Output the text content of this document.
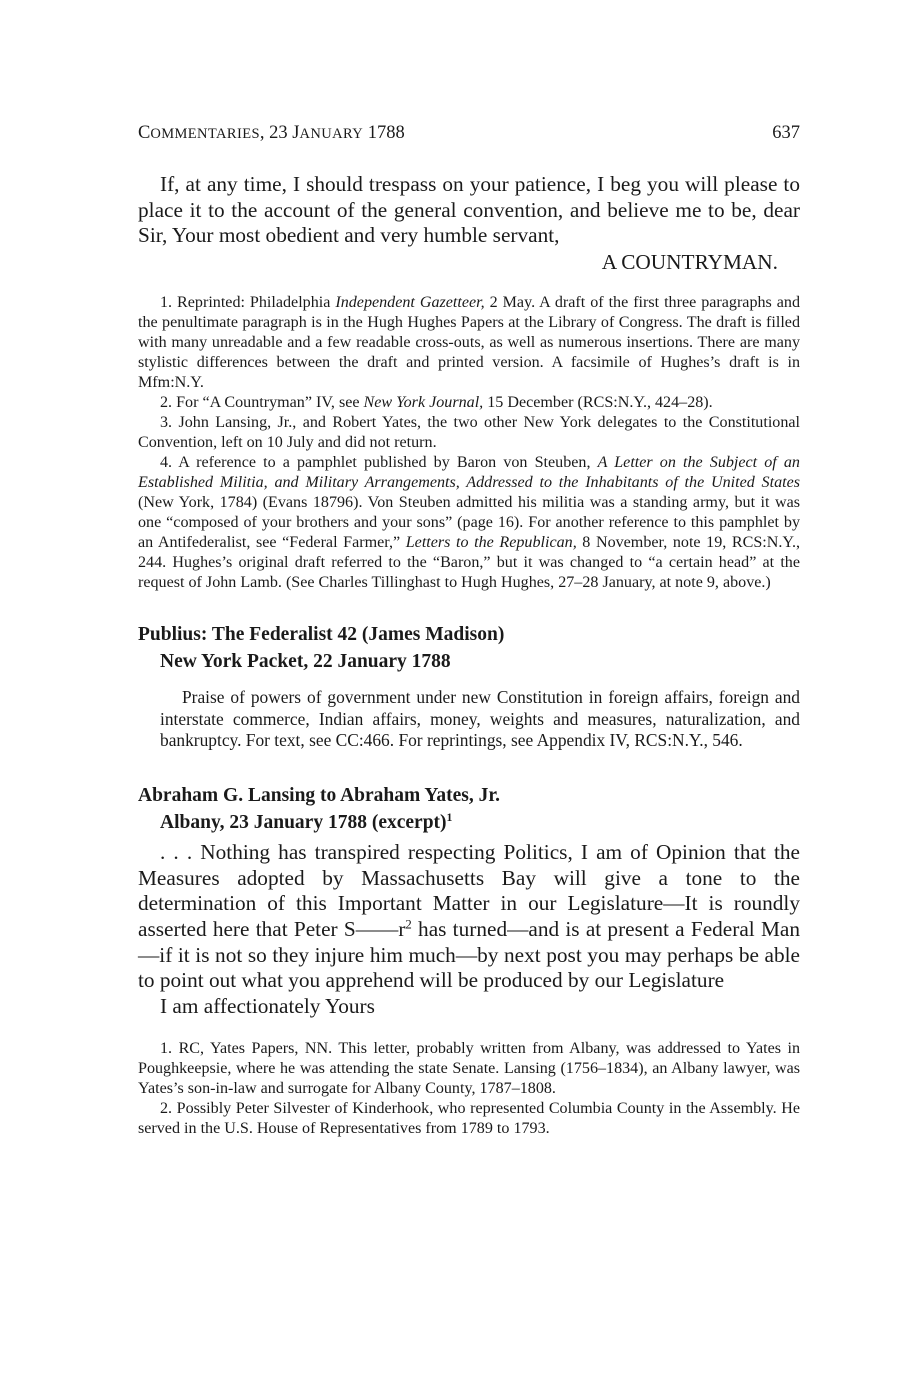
COMMENTARIES, 23 JANUARY 1788	637

If, at any time, I should trespass on your patience, I beg you will please to place it to the account of the general convention, and believe me to be, dear Sir, Your most obedient and very humble servant,

A COUNTRYMAN.

1. Reprinted: Philadelphia Independent Gazetteer, 2 May. A draft of the first three paragraphs and the penultimate paragraph is in the Hugh Hughes Papers at the Library of Congress. The draft is filled with many unreadable and a few readable cross-outs, as well as numerous insertions. There are many stylistic differences between the draft and printed version. A facsimile of Hughes’s draft is in Mfm:N.Y.

2. For “A Countryman” IV, see New York Journal, 15 December (RCS:N.Y., 424–28).

3. John Lansing, Jr., and Robert Yates, the two other New York delegates to the Constitutional Convention, left on 10 July and did not return.

4. A reference to a pamphlet published by Baron von Steuben, A Letter on the Subject of an Established Militia, and Military Arrangements, Addressed to the Inhabitants of the United States (New York, 1784) (Evans 18796). Von Steuben admitted his militia was a standing army, but it was one “composed of your brothers and your sons” (page 16). For another reference to this pamphlet by an Antifederalist, see “Federal Farmer,” Letters to the Republican, 8 November, note 19, RCS:N.Y., 244. Hughes’s original draft referred to the “Baron,” but it was changed to “a certain head” at the request of John Lamb. (See Charles Tillinghast to Hugh Hughes, 27–28 January, at note 9, above.)

Publius: The Federalist 42 (James Madison)
New York Packet, 22 January 1788

Praise of powers of government under new Constitution in foreign affairs, foreign and interstate commerce, Indian affairs, money, weights and measures, naturalization, and bankruptcy. For text, see CC:466. For reprintings, see Appendix IV, RCS:N.Y., 546.

Abraham G. Lansing to Abraham Yates, Jr.
Albany, 23 January 1788 (excerpt)$^1$

. . . Nothing has transpired respecting Politics, I am of Opinion that the Measures adopted by Massachusetts Bay will give a tone to the determination of this Important Matter in our Legislature—It is roundly asserted here that Peter $S——r^2$ has turned—and is at present a Federal Man—if it is not so they injure him much—by next post you may perhaps be able to point out what you apprehend will be produced by our Legislature

I am affectionately Yours

1. RC, Yates Papers, NN. This letter, probably written from Albany, was addressed to Yates in Poughkeepsie, where he was attending the state Senate. Lansing (1756–1834), an Albany lawyer, was Yates’s son-in-law and surrogate for Albany County, 1787–1808.

2. Possibly Peter Silvester of Kinderhook, who represented Columbia County in the Assembly. He served in the U.S. House of Representatives from 1789 to 1793.
